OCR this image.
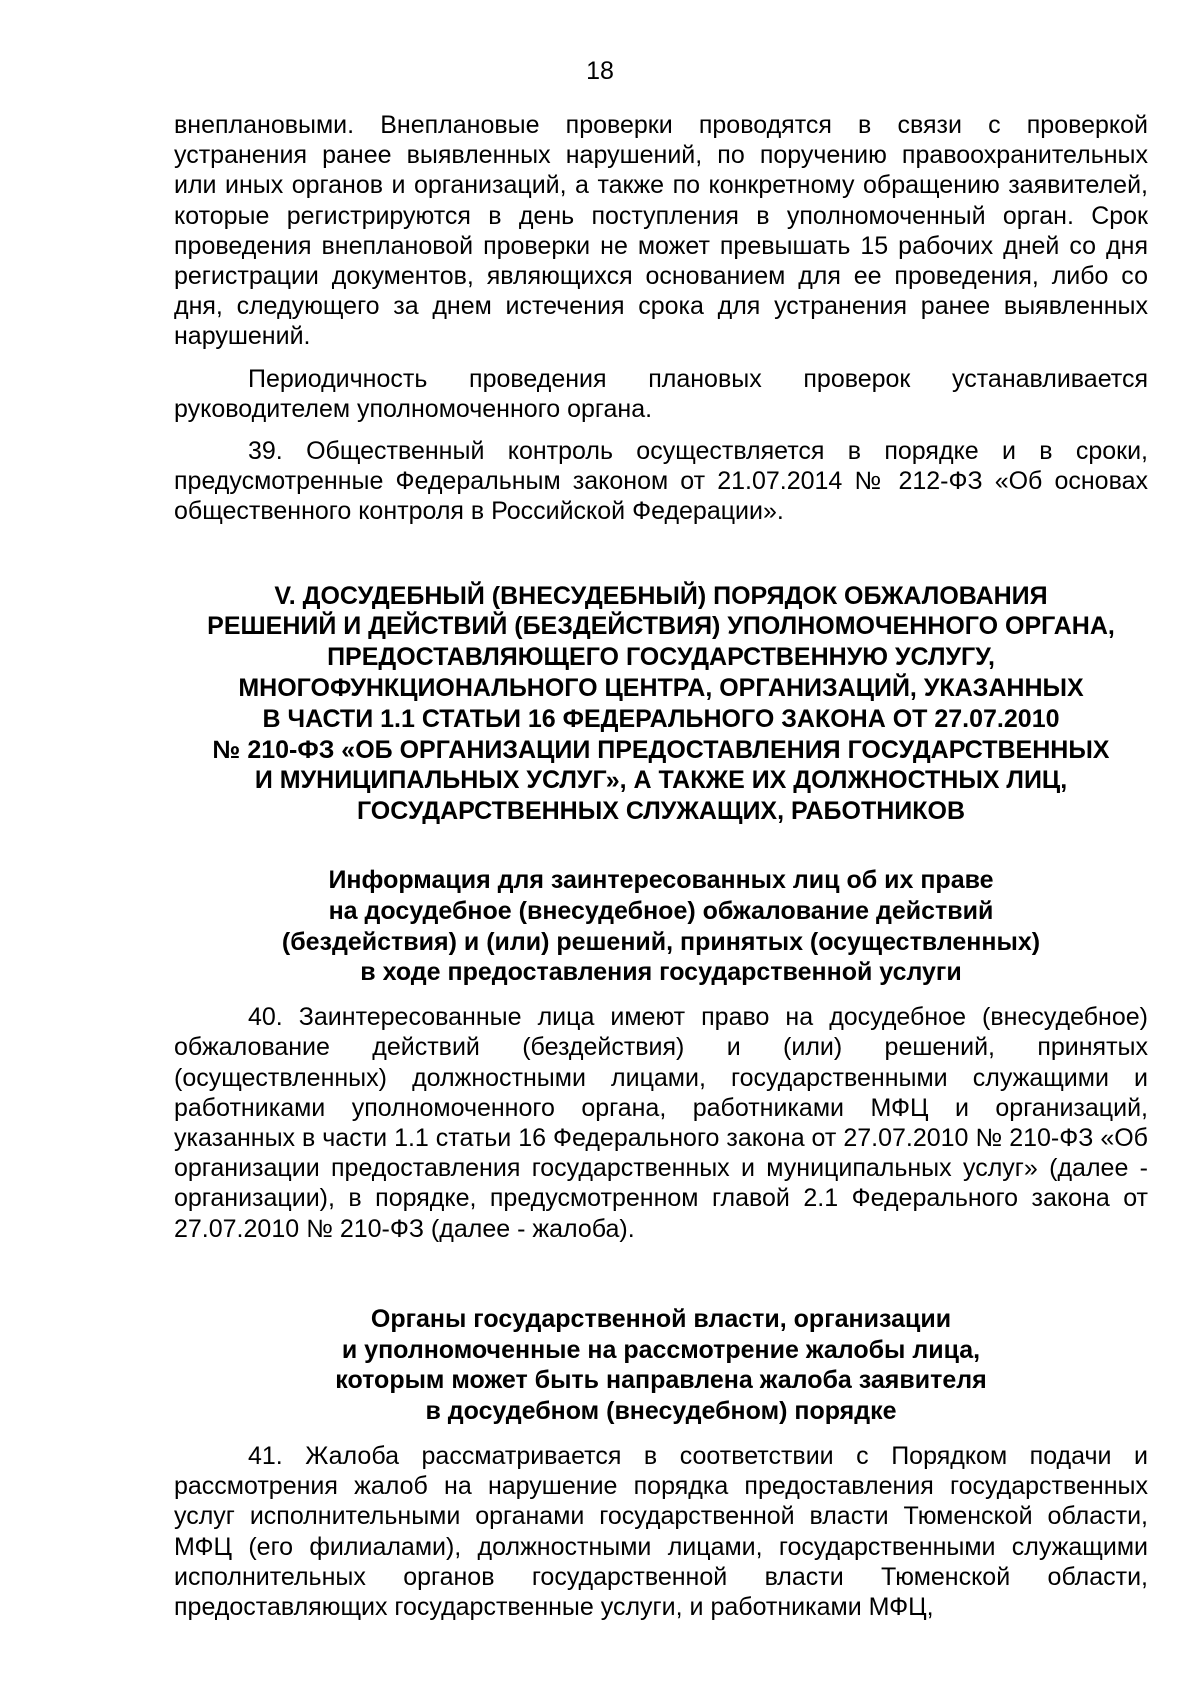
18

внеплановыми. Внеплановые проверки проводятся в связи с проверкой устранения ранее выявленных нарушений, по поручению правоохранительных или иных органов и организаций, а также по конкретному обращению заявителей, которые регистрируются в день поступления в уполномоченный орган. Срок проведения внеплановой проверки не может превышать 15 рабочих дней со дня регистрации документов, являющихся основанием для ее проведения, либо со дня, следующего за днем истечения срока для устранения ранее выявленных нарушений.

Периодичность проведения плановых проверок устанавливается руководителем уполномоченного органа.

39. Общественный контроль осуществляется в порядке и в сроки, предусмотренные Федеральным законом от 21.07.2014 № 212-ФЗ «Об основах общественного контроля в Российской Федерации».

V. ДОСУДЕБНЫЙ (ВНЕСУДЕБНЫЙ) ПОРЯДОК ОБЖАЛОВАНИЯ
РЕШЕНИЙ И ДЕЙСТВИЙ (БЕЗДЕЙСТВИЯ) УПОЛНОМОЧЕННОГО ОРГАНА,
ПРЕДОСТАВЛЯЮЩЕГО ГОСУДАРСТВЕННУЮ УСЛУГУ,
МНОГОФУНКЦИОНАЛЬНОГО ЦЕНТРА, ОРГАНИЗАЦИЙ, УКАЗАННЫХ
В ЧАСТИ 1.1 СТАТЬИ 16 ФЕДЕРАЛЬНОГО ЗАКОНА ОТ 27.07.2010
№ 210-ФЗ «ОБ ОРГАНИЗАЦИИ ПРЕДОСТАВЛЕНИЯ ГОСУДАРСТВЕННЫХ
И МУНИЦИПАЛЬНЫХ УСЛУГ», А ТАКЖЕ ИХ ДОЛЖНОСТНЫХ ЛИЦ,
ГОСУДАРСТВЕННЫХ СЛУЖАЩИХ, РАБОТНИКОВ
Информация для заинтересованных лиц об их праве
на досудебное (внесудебное) обжалование действий
(бездействия) и (или) решений, принятых (осуществленных)
в ходе предоставления государственной услуги

40. Заинтересованные лица имеют право на досудебное (внесудебное) обжалование действий (бездействия) и (или) решений, принятых (осуществленных) должностными лицами, государственными служащими и работниками уполномоченного органа, работниками МФЦ и организаций, указанных в части 1.1 статьи 16 Федерального закона от 27.07.2010 № 210-ФЗ «Об организации предоставления государственных и муниципальных услуг» (далее - организации), в порядке, предусмотренном главой 2.1 Федерального закона от 27.07.2010 № 210-ФЗ (далее - жалоба).

Органы государственной власти, организации
и уполномоченные на рассмотрение жалобы лица,
которым может быть направлена жалоба заявителя
в досудебном (внесудебном) порядке

41. Жалоба рассматривается в соответствии с Порядком подачи и рассмотрения жалоб на нарушение порядка предоставления государственных услуг исполнительными органами государственной власти Тюменской области, МФЦ (его филиалами), должностными лицами, государственными служащими исполнительных органов государственной власти Тюменской области, предоставляющих государственные услуги, и работниками МФЦ,
